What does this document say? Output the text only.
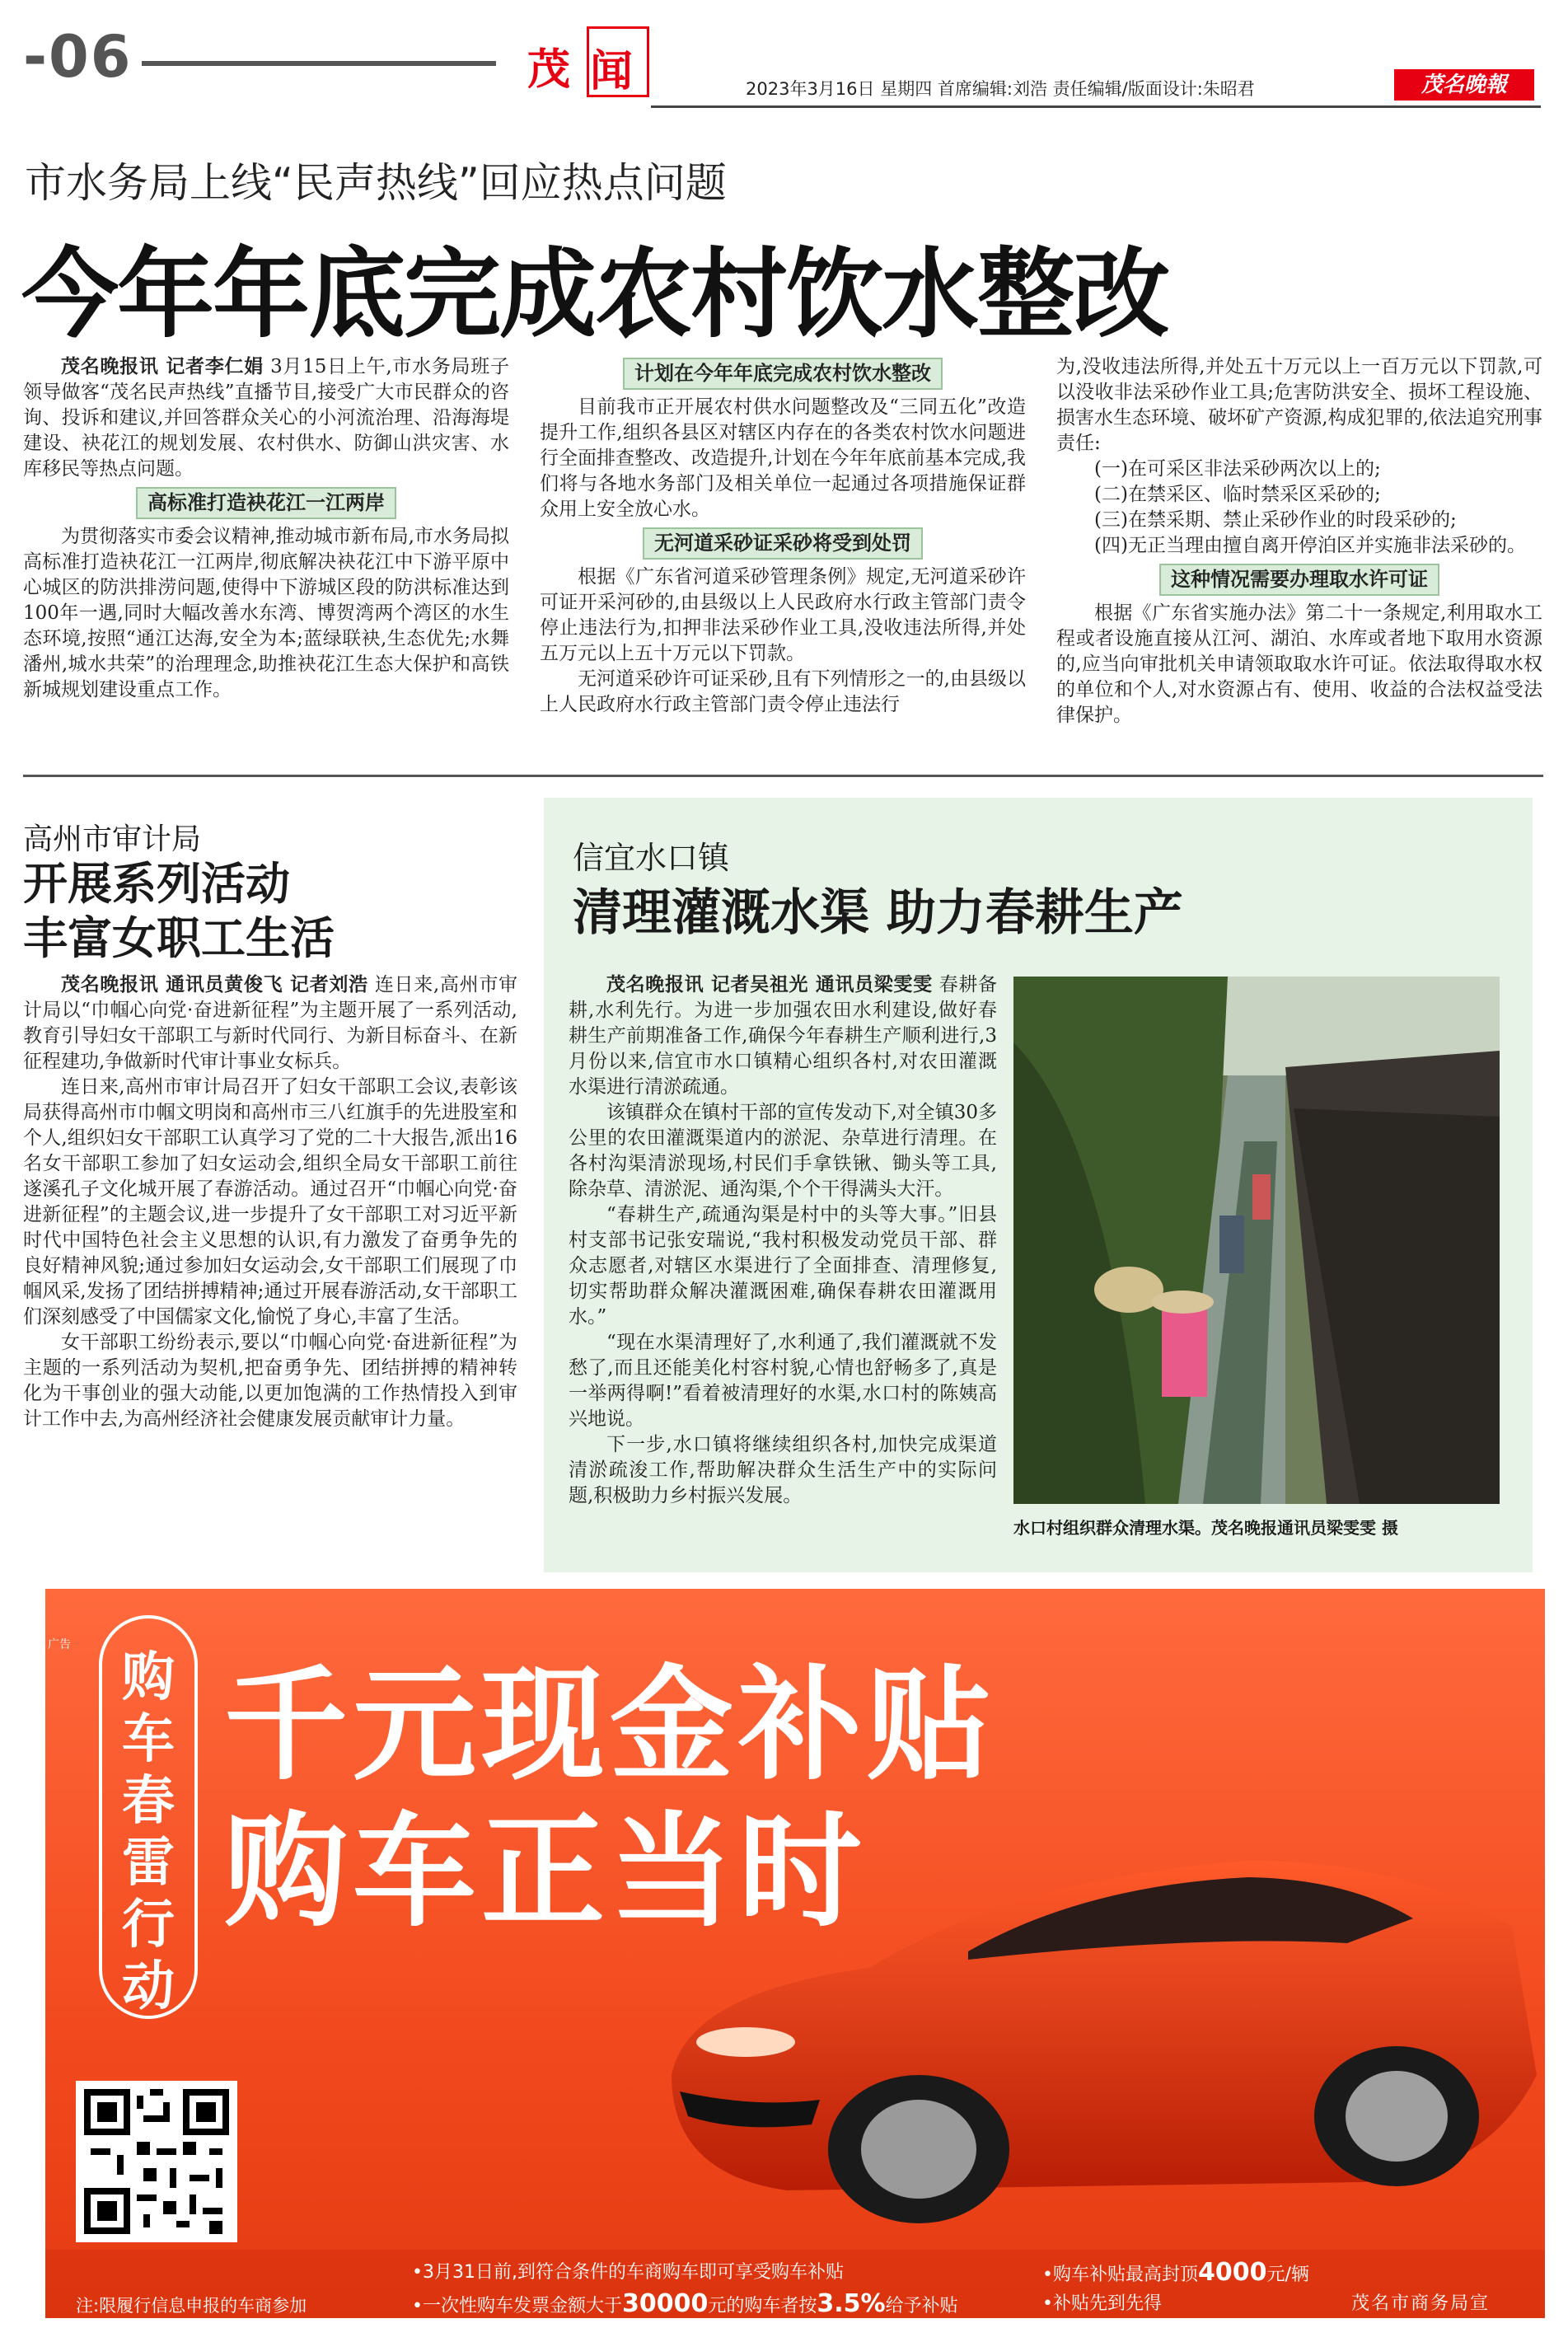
-06	茂 闻	2023年3月16日 星期四 首席编辑:刘浩 责任编辑/版面设计:朱昭君	茂名晚報
市水务局上线“民声热线”回应热点问题
今年年底完成农村饮水整改

茂名晚报讯 记者李仁娟 3月15日上午,市水务局班子领导做客“茂名民声热线”直播节目,接受广大市民群众的咨询、投诉和建议,并回答群众关心的小河流治理、沿海海堤建设、袂花江的规划发展、农村供水、防御山洪灾害、水库移民等热点问题。

高标准打造袂花江一江两岸

为贯彻落实市委会议精神,推动城市新布局,市水务局拟高标准打造袂花江一江两岸,彻底解决袂花江中下游平原中心城区的防洪排涝问题,使得中下游城区段的防洪标准达到100年一遇,同时大幅改善水东湾、博贺湾两个湾区的水生态环境,按照“通江达海,安全为本;蓝绿联袂,生态优先;水舞潘州,城水共荣”的治理理念,助推袂花江生态大保护和高铁新城规划建设重点工作。

计划在今年年底完成农村饮水整改

目前我市正开展农村供水问题整改及“三同五化”改造提升工作,组织各县区对辖区内存在的各类农村饮水问题进行全面排查整改、改造提升,计划在今年年底前基本完成,我们将与各地水务部门及相关单位一起通过各项措施保证群众用上安全放心水。

无河道采砂证采砂将受到处罚

根据《广东省河道采砂管理条例》规定,无河道采砂许可证开采河砂的,由县级以上人民政府水行政主管部门责令停止违法行为,扣押非法采砂作业工具,没收违法所得,并处五万元以上五十万元以下罚款。

无河道采砂许可证采砂,且有下列情形之一的,由县级以上人民政府水行政主管部门责令停止违法行

为,没收违法所得,并处五十万元以上一百万元以下罚款,可以没收非法采砂作业工具;危害防洪安全、损坏工程设施、损害水生态环境、破坏矿产资源,构成犯罪的,依法追究刑事责任:

(一)在可采区非法采砂两次以上的;

(二)在禁采区、临时禁采区采砂的;

(三)在禁采期、禁止采砂作业的时段采砂的;

(四)无正当理由擅自离开停泊区并实施非法采砂的。

这种情况需要办理取水许可证

根据《广东省实施办法》第二十一条规定,利用取水工程或者设施直接从江河、湖泊、水库或者地下取用水资源的,应当向审批机关申请领取取水许可证。依法取得取水权的单位和个人,对水资源占有、使用、收益的合法权益受法律保护。

高州市审计局
开展系列活动
丰富女职工生活

茂名晚报讯 通讯员黄俊飞 记者刘浩 连日来,高州市审计局以“巾帼心向党·奋进新征程”为主题开展了一系列活动,教育引导妇女干部职工与新时代同行、为新目标奋斗、在新征程建功,争做新时代审计事业女标兵。

连日来,高州市审计局召开了妇女干部职工会议,表彰该局获得高州市巾帼文明岗和高州市三八红旗手的先进股室和个人,组织妇女干部职工认真学习了党的二十大报告,派出16名女干部职工参加了妇女运动会,组织全局女干部职工前往遂溪孔子文化城开展了春游活动。通过召开“巾帼心向党·奋进新征程”的主题会议,进一步提升了女干部职工对习近平新时代中国特色社会主义思想的认识,有力激发了奋勇争先的良好精神风貌;通过参加妇女运动会,女干部职工们展现了巾帼风采,发扬了团结拼搏精神;通过开展春游活动,女干部职工们深刻感受了中国儒家文化,愉悦了身心,丰富了生活。

女干部职工纷纷表示,要以“巾帼心向党·奋进新征程”为主题的一系列活动为契机,把奋勇争先、团结拼搏的精神转化为干事创业的强大动能,以更加饱满的工作热情投入到审计工作中去,为高州经济社会健康发展贡献审计力量。

信宜水口镇
清理灌溉水渠 助力春耕生产

茂名晚报讯 记者吴祖光 通讯员梁雯雯 春耕备耕,水利先行。为进一步加强农田水利建设,做好春耕生产前期准备工作,确保今年春耕生产顺利进行,3月份以来,信宜市水口镇精心组织各村,对农田灌溉水渠进行清淤疏通。

该镇群众在镇村干部的宣传发动下,对全镇30多公里的农田灌溉渠道内的淤泥、杂草进行清理。在各村沟渠清淤现场,村民们手拿铁锹、锄头等工具,除杂草、清淤泥、通沟渠,个个干得满头大汗。

“春耕生产,疏通沟渠是村中的头等大事。”旧县村支部书记张安瑞说,“我村积极发动党员干部、群众志愿者,对辖区水渠进行了全面排查、清理修复,切实帮助群众解决灌溉困难,确保春耕农田灌溉用水。”

“现在水渠清理好了,水利通了,我们灌溉就不发愁了,而且还能美化村容村貌,心情也舒畅多了,真是一举两得啊!”看着被清理好的水渠,水口村的陈姨高兴地说。

下一步,水口镇将继续组织各村,加快完成渠道清淤疏浚工作,帮助解决群众生活生产中的实际问题,积极助力乡村振兴发展。

水口村组织群众清理水渠。茂名晚报通讯员梁雯雯 摄
广告
购
车
春
雷
行
动
千元现金补贴
购车正当时
•3月31日前,到符合条件的车商购车即可享受购车补贴
•一次性购车发票金额大于30000元的购车者按3.5%给予补贴
•购车补贴最高封顶4000元/辆
•补贴先到先得
注:限履行信息申报的车商参加	茂名市商务局宣
